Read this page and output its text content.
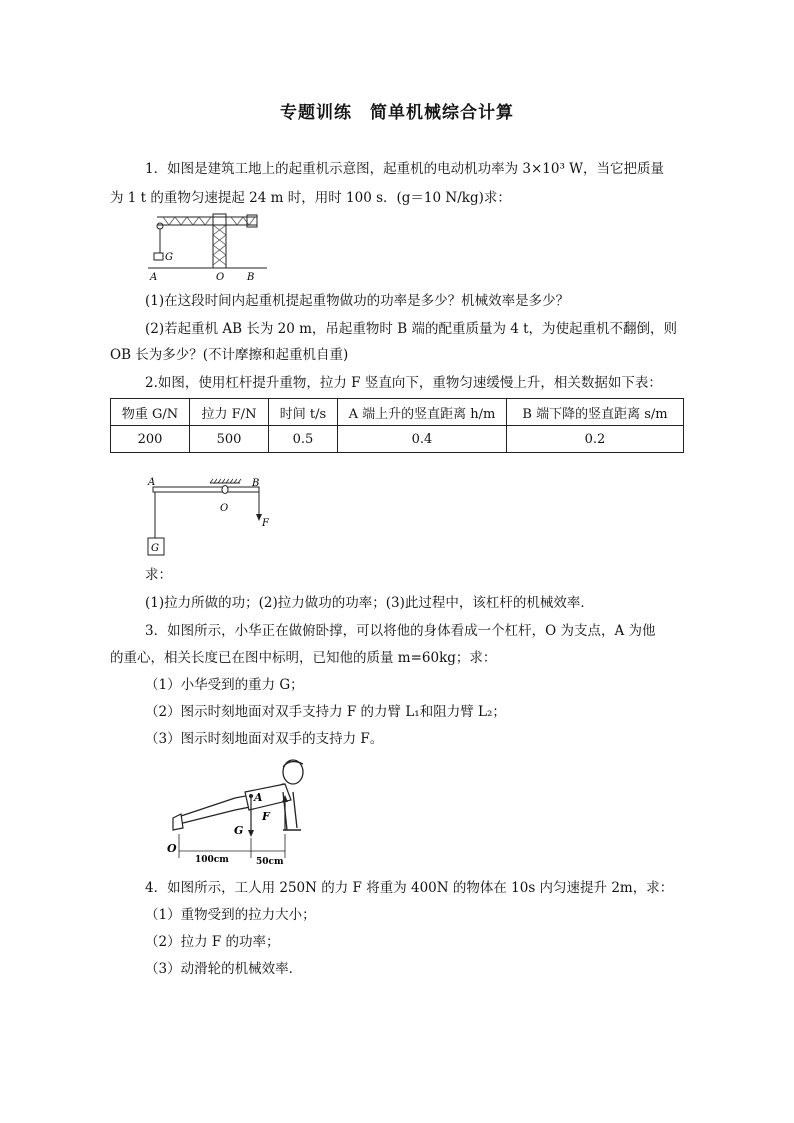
专题训练　简单机械综合计算
1．如图是建筑工地上的起重机示意图，起重机的电动机功率为 3×10³ W，当它把质量
为 1 t 的重物匀速提起 24 m 时，用时 100 s．(g＝10 N/kg)求：
G
A	O B
(1)在这段时间内起重机提起重物做功的功率是多少？机械效率是多少？
(2)若起重机 AB 长为 20 m，吊起重物时 B 端的配重质量为 4 t，为使起重机不翻倒，则
OB 长为多少？(不计摩擦和起重机自重)
2.如图，使用杠杆提升重物，拉力 F 竖直向下，重物匀速缓慢上升，相关数据如下表：
物重 G/N	拉力 F/N	时间 t/s	A 端上升的竖直距离 h/m	B 端下降的竖直距离 s/m
200	500	0.5	0.4	0.2
A	B
O
F
G
求：
(1)拉力所做的功；(2)拉力做功的功率；(3)此过程中，该杠杆的机械效率．
3．如图所示，小华正在做俯卧撑，可以将他的身体看成一个杠杆，O 为支点，A 为他
的重心，相关长度已在图中标明，已知他的质量 m=60kg；求：
（1）小华受到的重力 G；
（2）图示时刻地面对双手支持力 F 的力臂 L₁和阻力臂 L₂；
（3）图示时刻地面对双手的支持力 F。
A
G
F
O
100cm	50cm
4．如图所示，工人用 250N 的力 F 将重为 400N 的物体在 10s 内匀速提升 2m，求：
（1）重物受到的拉力大小；
（2）拉力 F 的功率；
（3）动滑轮的机械效率．
